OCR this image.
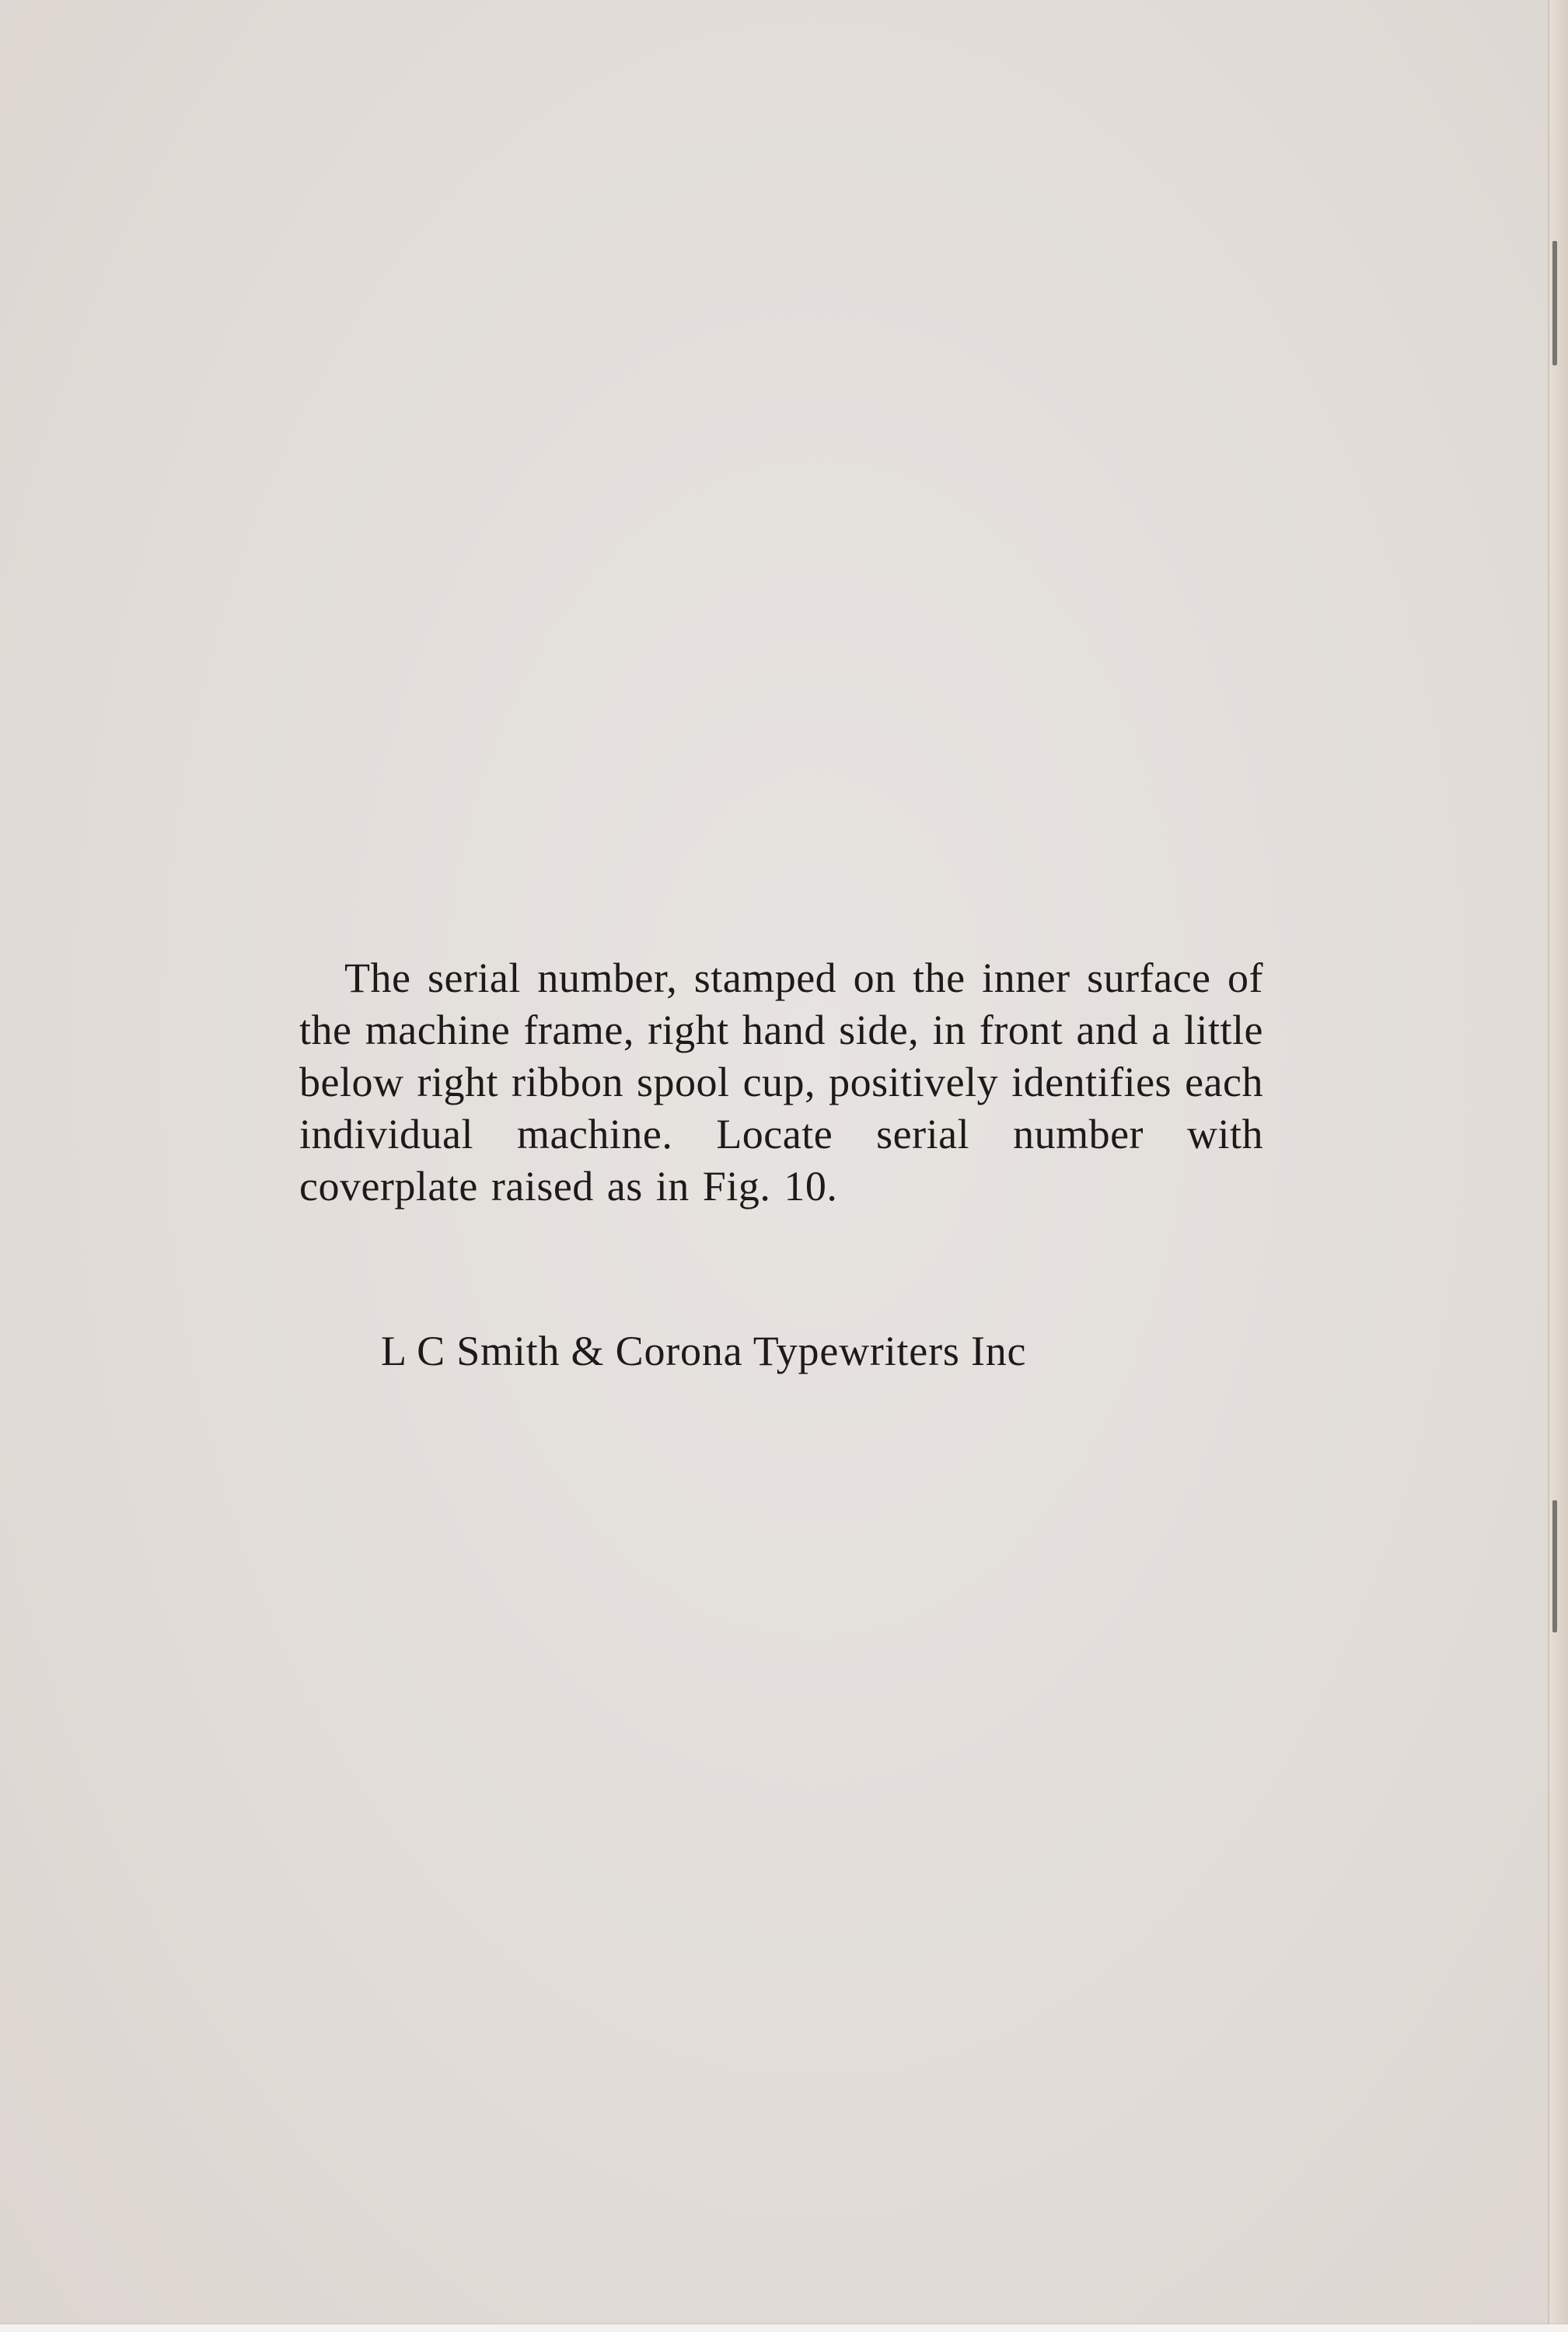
The serial number, stamped on the inner surface of the machine frame, right hand side, in front and a little below right ribbon spool cup, positively identifies each individual machine. Locate serial number with coverplate raised as in Fig. 10.

L C Smith & Corona Typewriters Inc
